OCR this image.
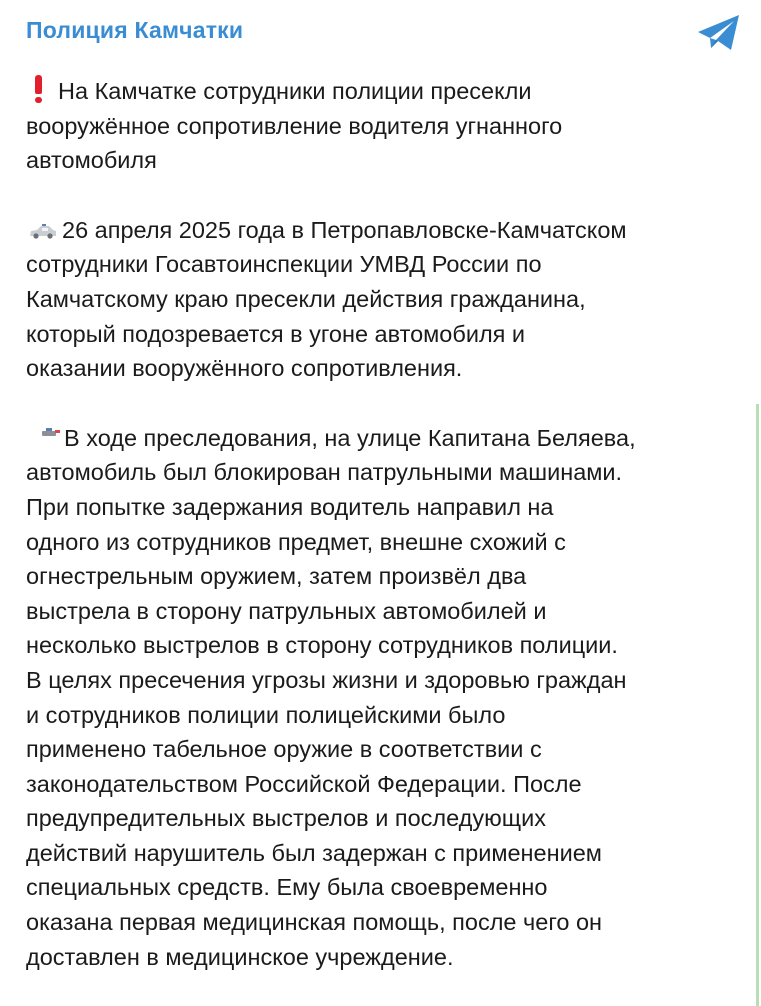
Полиция Камчатки

На Камчатке сотрудники полиции пресекли
вооружённое сопротивление водителя угнанного
автомобиля

26 апреля 2025 года в Петропавловске-Камчатском
сотрудники Госавтоинспекции УМВД России по
Камчатскому краю пресекли действия гражданина,
который подозревается в угоне автомобиля и
оказании вооружённого сопротивления.

В ходе преследования, на улице Капитана Беляева,
автомобиль был блокирован патрульными машинами.
При попытке задержания водитель направил на
одного из сотрудников предмет, внешне схожий с
огнестрельным оружием, затем произвёл два
выстрела в сторону патрульных автомобилей и
несколько выстрелов в сторону сотрудников полиции.
В целях пресечения угрозы жизни и здоровью граждан
и сотрудников полиции полицейскими было
применено табельное оружие в соответствии с
законодательством Российской Федерации. После
предупредительных выстрелов и последующих
действий нарушитель был задержан с применением
специальных средств. Ему была своевременно
оказана первая медицинская помощь, после чего он
доставлен в медицинское учреждение.
